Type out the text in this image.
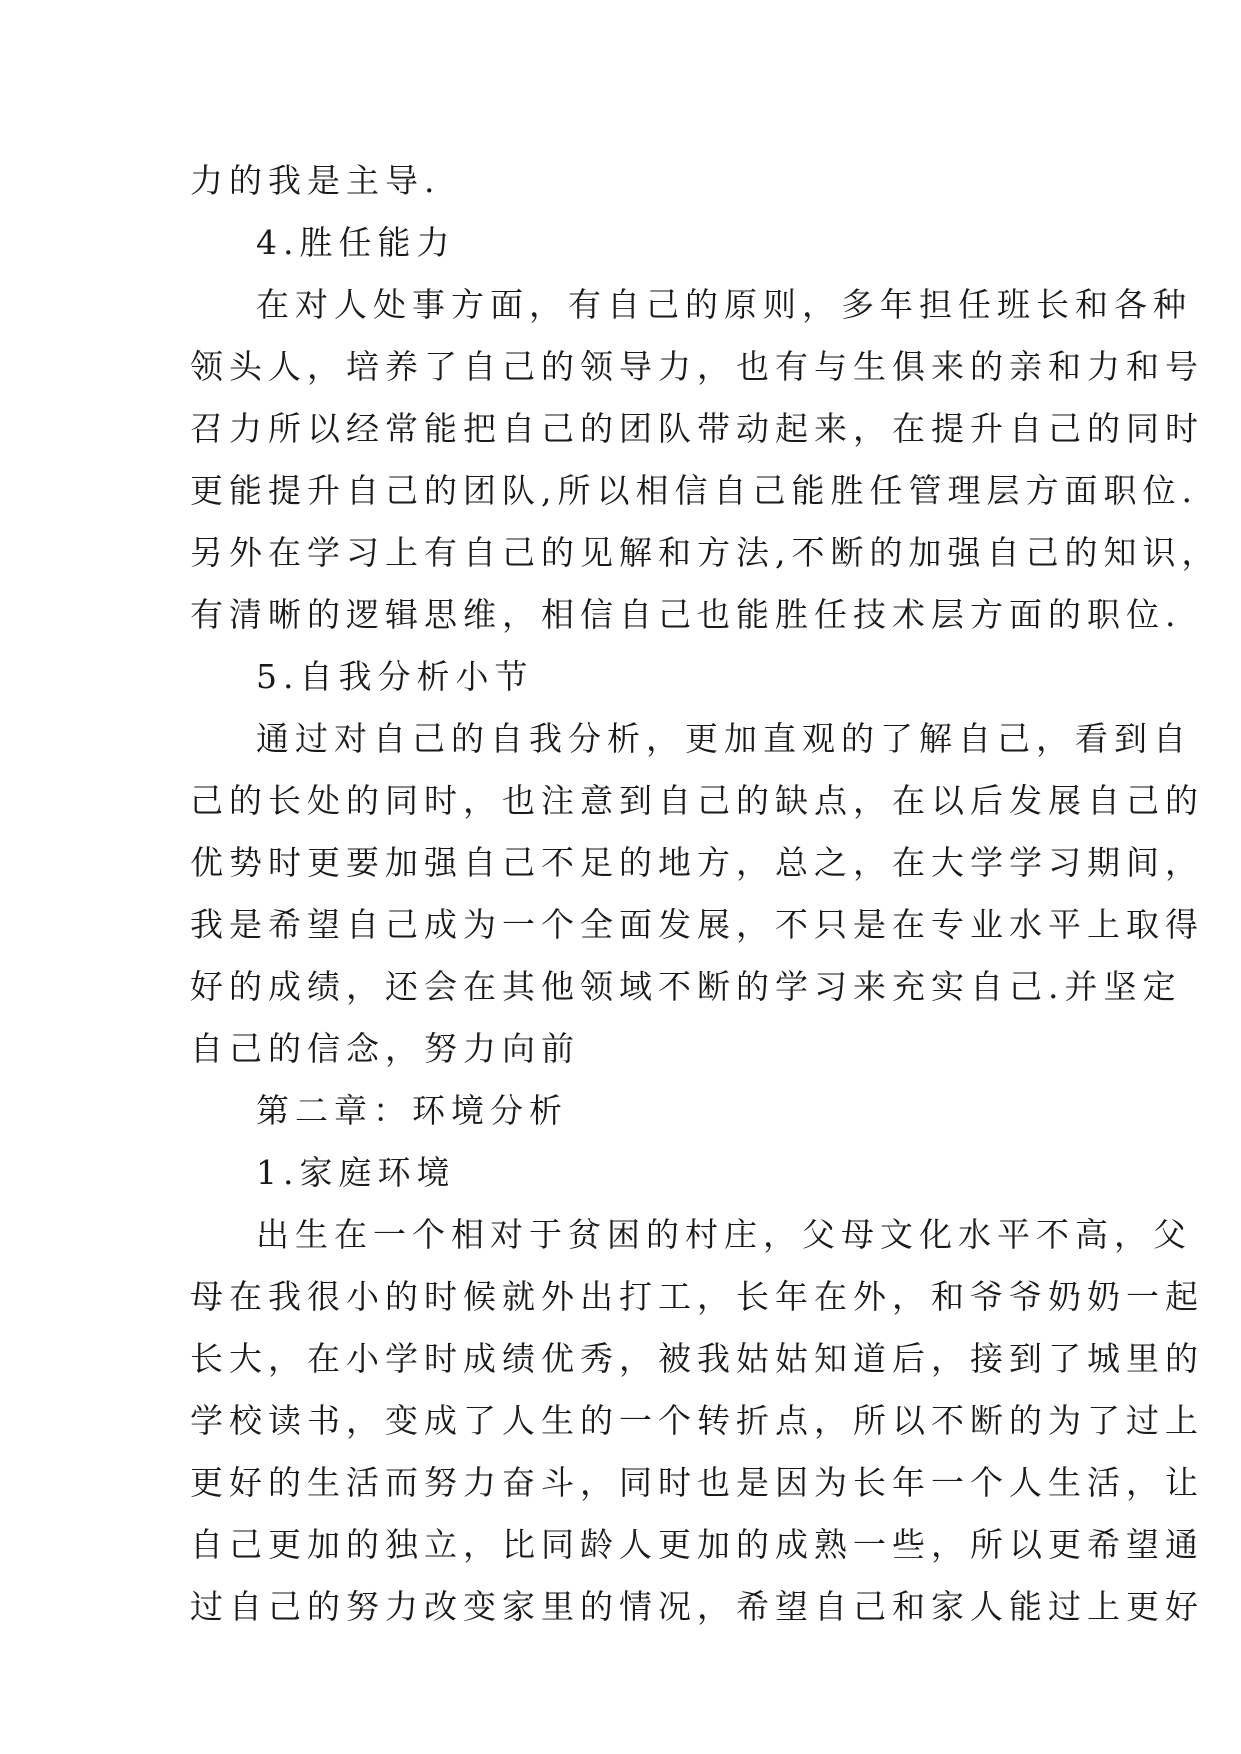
力的我是主导.
4.胜任能力
在对人处事方面，有自己的原则，多年担任班长和各种
领头人，培养了自己的领导力，也有与生俱来的亲和力和号
召力所以经常能把自己的团队带动起来，在提升自己的同时
更能提升自己的团队,所以相信自己能胜任管理层方面职位.
另外在学习上有自己的见解和方法,不断的加强自己的知识，
有清晰的逻辑思维，相信自己也能胜任技术层方面的职位.
5.自我分析小节
通过对自己的自我分析，更加直观的了解自己，看到自
己的长处的同时，也注意到自己的缺点，在以后发展自己的
优势时更要加强自己不足的地方，总之，在大学学习期间，
我是希望自己成为一个全面发展，不只是在专业水平上取得
好的成绩，还会在其他领域不断的学习来充实自己.并坚定
自己的信念，努力向前
第二章：环境分析
1.家庭环境
出生在一个相对于贫困的村庄，父母文化水平不高，父
母在我很小的时候就外出打工，长年在外，和爷爷奶奶一起
长大，在小学时成绩优秀，被我姑姑知道后，接到了城里的
学校读书，变成了人生的一个转折点，所以不断的为了过上
更好的生活而努力奋斗，同时也是因为长年一个人生活，让
自己更加的独立，比同龄人更加的成熟一些，所以更希望通
过自己的努力改变家里的情况，希望自己和家人能过上更好
